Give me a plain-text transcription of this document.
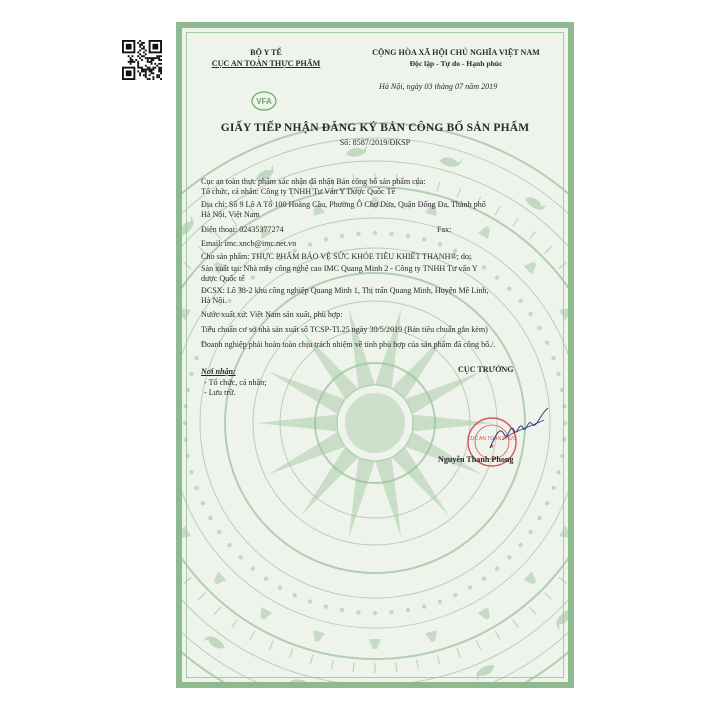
BỘ Y TẾ
CỤC AN TOÀN THỰC PHẨM
VFA
CỘNG HÒA XÃ HỘI CHỦ NGHĨA VIỆT NAM
Độc lập - Tự do - Hạnh phúc
Hà Nội, ngày 03 tháng 07 năm 2019
GIẤY TIẾP NHẬN ĐĂNG KÝ BẢN CÔNG BỐ SẢN PHẨM
Số: 8587/2019/ĐKSP
Cục an toàn thực phẩm xác nhận đã nhận Bản công bố sản phẩm của:
Tổ chức, cá nhân: Công ty TNHH Tư Vấn Y Dược Quốc Tế
Địa chỉ: Số 9 Lô A Tổ 100 Hoàng Cầu, Phường Ô Chợ Dừa, Quận Đống Đa, Thành phố
Hà Nội, Việt Nam
Điện thoại: 02435377274	Fax:
Email: imc.xncb@imc.net.vn
Cho sản phẩm: THỰC PHẨM BẢO VỆ SỨC KHỎE TIÊU KHIẾT THANH®; do:
Sản xuất tại: Nhà máy công nghệ cao IMC Quang Minh 2 - Công ty TNHH Tư vấn Y
dược Quốc tế
ĐCSX: Lô 38-2 khu công nghiệp Quang Minh 1, Thị trấn Quang Minh, Huyện Mê Linh,
Hà Nội.
Nước xuất xứ: Việt Nam sản xuất, phù hợp:
Tiêu chuẩn cơ sở nhà sản xuất số TCSP-TI.25 ngày 30/5/2019 (Bản tiêu chuẩn gắn kèm)
Doanh nghiệp phải hoàn toàn chịu trách nhiệm về tính phù hợp của sản phẩm đã công bố./.
Nơi nhận:
- Tổ chức, cá nhân;
- Lưu trữ.
CỤC TRƯỞNG
CỤC AN TOÀN THỰC
★
Nguyễn Thanh Phong
